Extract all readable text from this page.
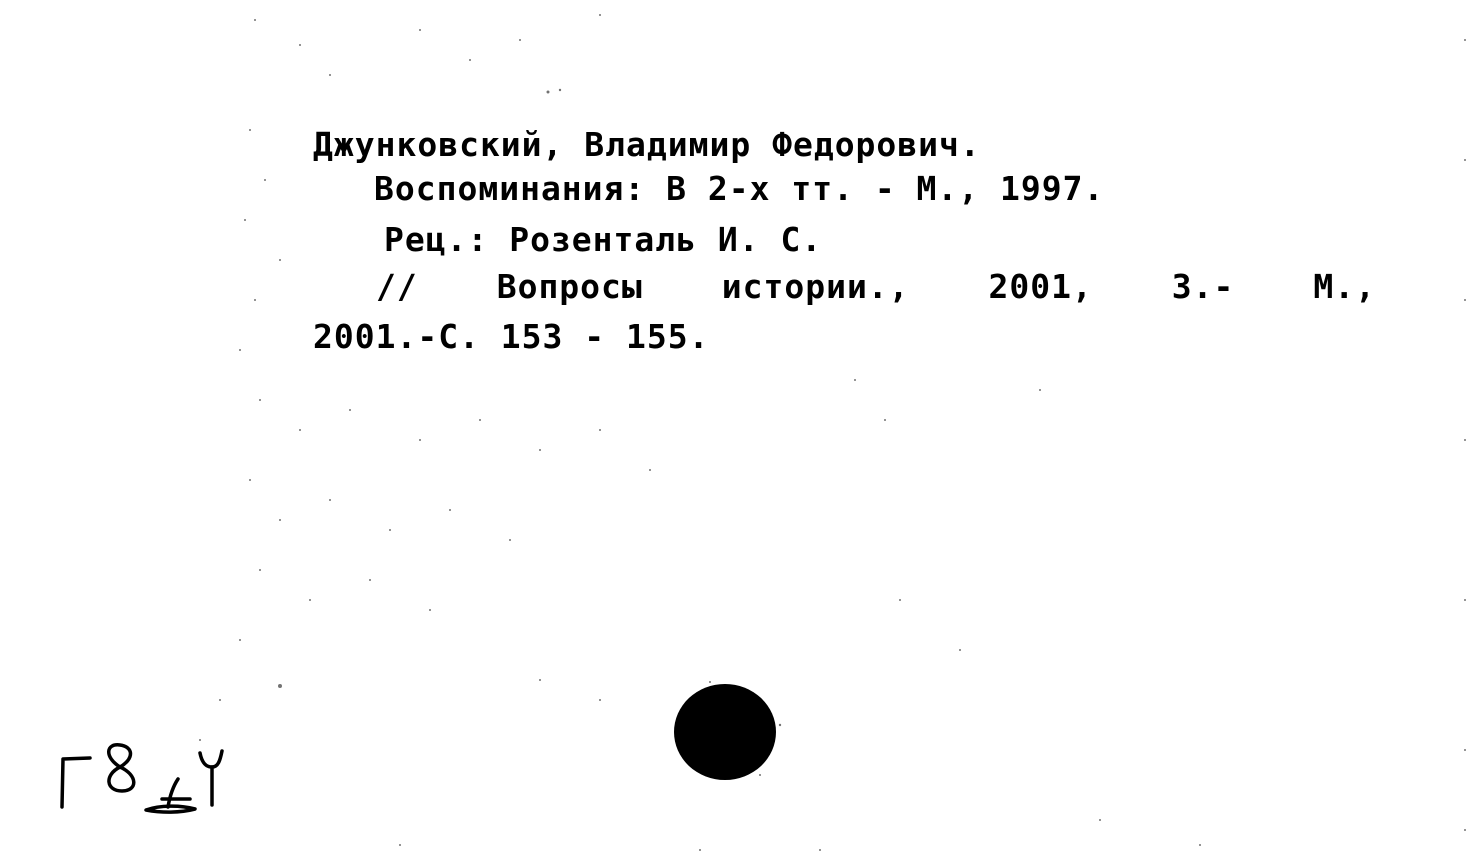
Джунковский, Владимир Федорович.
Воспоминания: В 2-х тт. - М., 1997.
Рец.: Розенталь И. С.
// Вопросы истории., 2001, 3.- М.,
2001.-С. 153 - 155.
